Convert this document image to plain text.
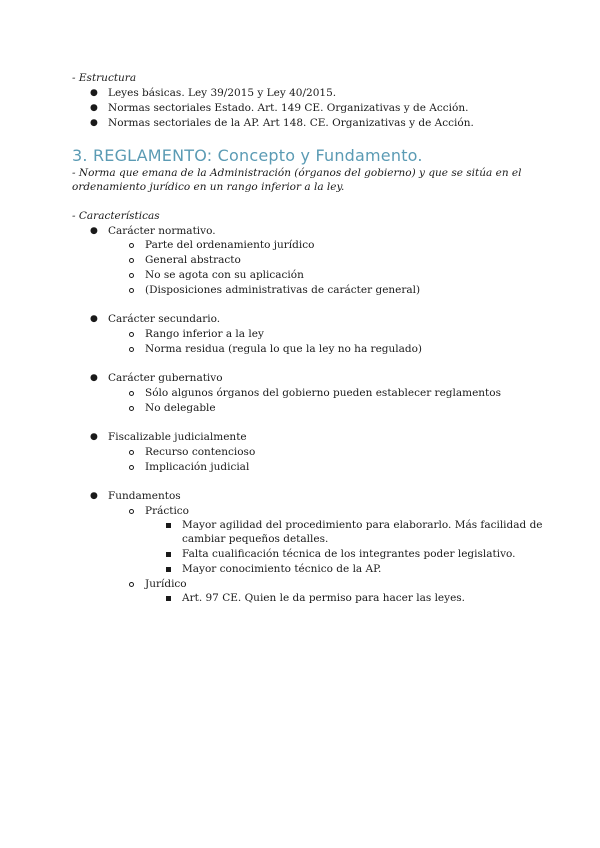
- Estructura
● Leyes básicas. Ley 39/2015 y Ley 40/2015.
● Normas sectoriales Estado. Art. 149 CE. Organizativas y de Acción.
● Normas sectoriales de la AP. Art 148. CE. Organizativas y de Acción.
3. REGLAMENTO: Concepto y Fundamento.
- Norma que emana de la Administración (órganos del gobierno) y que se sitúa en el
ordenamiento jurídico en un rango inferior a la ley.
- Características
● Carácter normativo.
Parte del ordenamiento jurídico
General abstracto
No se agota con su aplicación
(Disposiciones administrativas de carácter general)
● Carácter secundario.
Rango inferior a la ley
Norma residua (regula lo que la ley no ha regulado)
● Carácter gubernativo
Sólo algunos órganos del gobierno pueden establecer reglamentos
No delegable
● Fiscalizable judicialmente
Recurso contencioso
Implicación judicial
● Fundamentos
Práctico
Mayor agilidad del procedimiento para elaborarlo. Más facilidad de
cambiar pequeños detalles.
Falta cualificación técnica de los integrantes poder legislativo.
Mayor conocimiento técnico de la AP.
Jurídico
Art. 97 CE. Quien le da permiso para hacer las leyes.
